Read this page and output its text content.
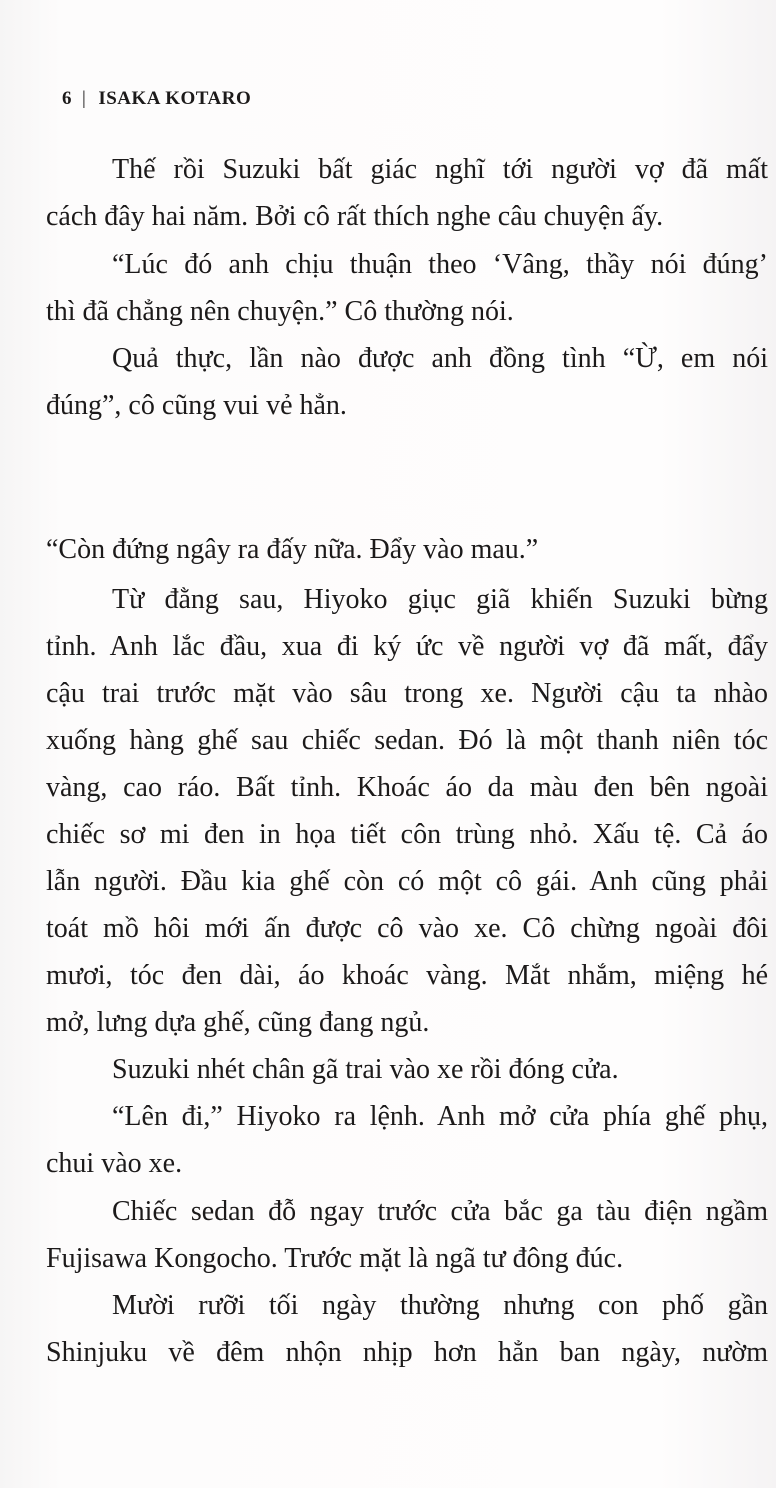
6 | ISAKA KOTARO
Thế rồi Suzuki bất giác nghĩ tới người vợ đã mất
cách đây hai năm. Bởi cô rất thích nghe câu chuyện ấy.
“Lúc đó anh chịu thuận theo ‘Vâng, thầy nói đúng’
thì đã chẳng nên chuyện.” Cô thường nói.
Quả thực, lần nào được anh đồng tình “Ừ, em nói
đúng”, cô cũng vui vẻ hẳn.
“Còn đứng ngây ra đấy nữa. Đẩy vào mau.”
Từ đằng sau, Hiyoko giục giã khiến Suzuki bừng
tỉnh. Anh lắc đầu, xua đi ký ức về người vợ đã mất, đẩy
cậu trai trước mặt vào sâu trong xe. Người cậu ta nhào
xuống hàng ghế sau chiếc sedan. Đó là một thanh niên tóc
vàng, cao ráo. Bất tỉnh. Khoác áo da màu đen bên ngoài
chiếc sơ mi đen in họa tiết côn trùng nhỏ. Xấu tệ. Cả áo
lẫn người. Đầu kia ghế còn có một cô gái. Anh cũng phải
toát mồ hôi mới ấn được cô vào xe. Cô chừng ngoài đôi
mươi, tóc đen dài, áo khoác vàng. Mắt nhắm, miệng hé
mở, lưng dựa ghế, cũng đang ngủ.
Suzuki nhét chân gã trai vào xe rồi đóng cửa.
“Lên đi,” Hiyoko ra lệnh. Anh mở cửa phía ghế phụ,
chui vào xe.
Chiếc sedan đỗ ngay trước cửa bắc ga tàu điện ngầm
Fujisawa Kongocho. Trước mặt là ngã tư đông đúc.
Mười rưỡi tối ngày thường nhưng con phố gần
Shinjuku về đêm nhộn nhịp hơn hẳn ban ngày, nườm
